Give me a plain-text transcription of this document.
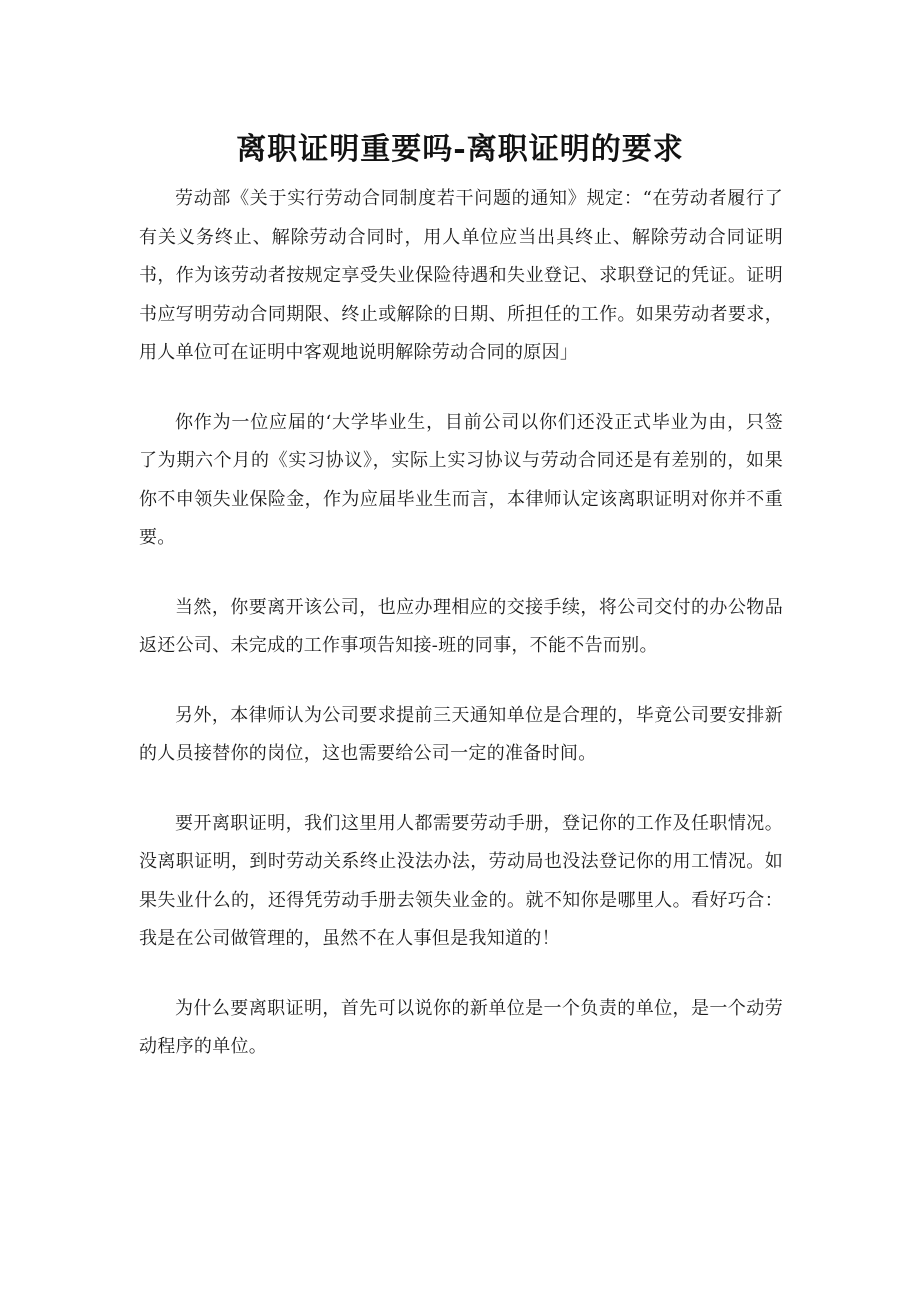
离职证明重要吗-离职证明的要求

劳动部《关于实行劳动合同制度若干问题的通知》规定：“在劳动者履行了有关义务终止、解除劳动合同时，用人单位应当出具终止、解除劳动合同证明书，作为该劳动者按规定享受失业保险待遇和失业登记、求职登记的凭证。证明书应写明劳动合同期限、终止或解除的日期、所担任的工作。如果劳动者要求，用人单位可在证明中客观地说明解除劳动合同的原因」

你作为一位应届的‘大学毕业生，目前公司以你们还没正式毕业为由，只签了为期六个月的《实习协议》，实际上实习协议与劳动合同还是有差别的，如果你不申领失业保险金，作为应届毕业生而言，本律师认定该离职证明对你并不重要。

当然，你要离开该公司，也应办理相应的交接手续，将公司交付的办公物品返还公司、未完成的工作事项告知接-班的同事，不能不告而别。

另外，本律师认为公司要求提前三天通知单位是合理的，毕竟公司要安排新的人员接替你的岗位，这也需要给公司一定的准备时间。

要开离职证明，我们这里用人都需要劳动手册，登记你的工作及任职情况。没离职证明，到时劳动关系终止没法办法，劳动局也没法登记你的用工情况。如果失业什么的，还得凭劳动手册去领失业金的。就不知你是哪里人。看好巧合：我是在公司做管理的，虽然不在人事但是我知道的！

为什么要离职证明，首先可以说你的新单位是一个负责的单位，是一个动劳动程序的单位。
